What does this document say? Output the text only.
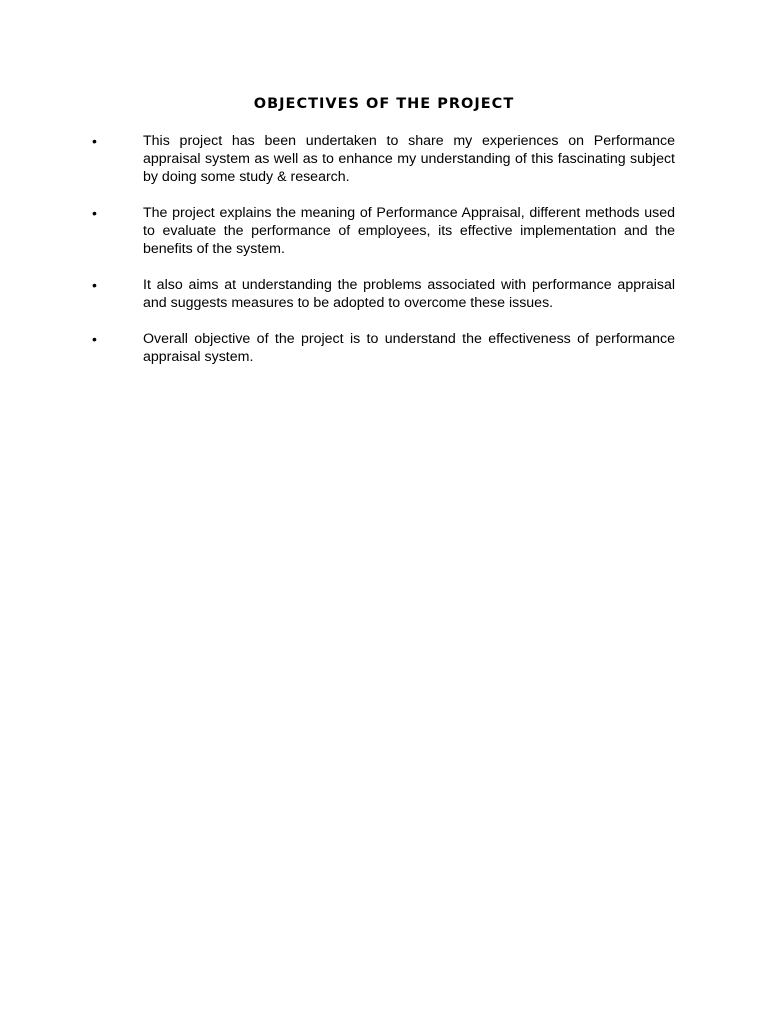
OBJECTIVES OF THE PROJECT
•	This project has been undertaken to share my experiences on Performance appraisal system as well as to enhance my understanding of this fascinating subject by doing some study & research.
•	The project explains the meaning of Performance Appraisal, different methods used to evaluate the performance of employees, its effective implementation and the benefits of the system.
•	It also aims at understanding the problems associated with performance appraisal and suggests measures to be adopted to overcome these issues.
•	Overall objective of the project is to understand the effectiveness of performance appraisal system.
